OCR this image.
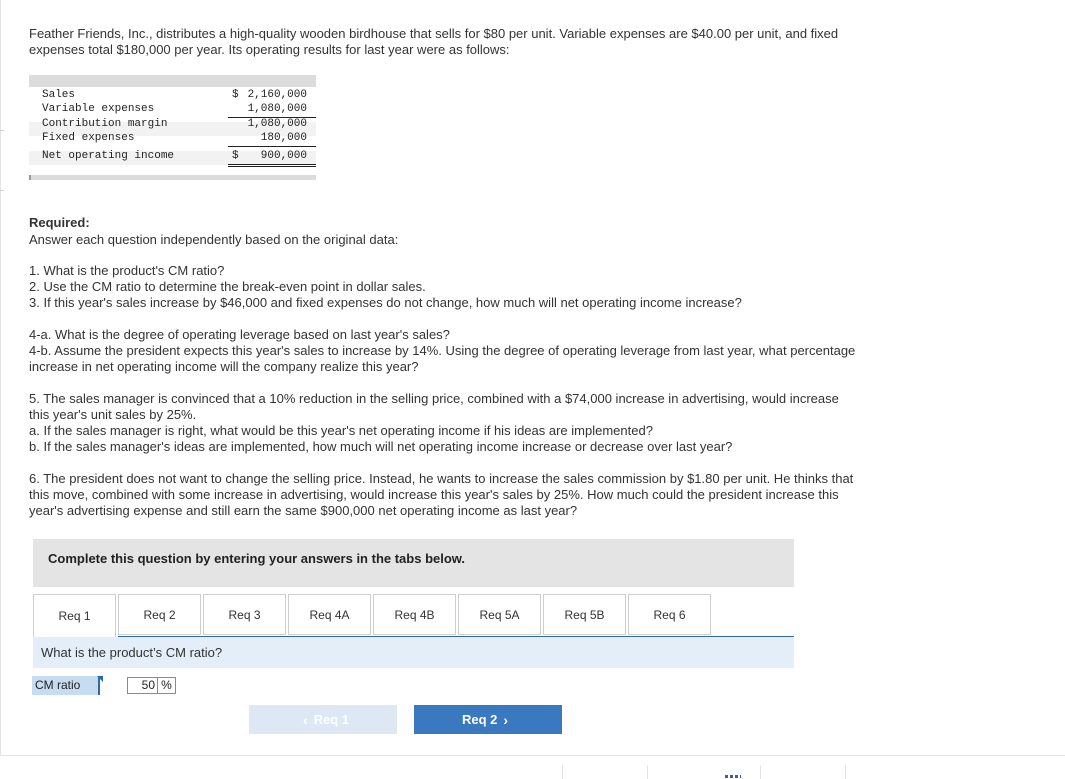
Feather Friends, Inc., distributes a high-quality wooden birdhouse that sells for $80 per unit. Variable expenses are $40.00 per unit, and fixed expenses total $180,000 per year. Its operating results for last year were as follows:

Sales	$ 2,160,000
Variable expenses	1,080,000
Contribution margin	1,080,000
Fixed expenses	180,000
Net operating income	$ 900,000

Required:

Answer each question independently based on the original data:

1. What is the product's CM ratio?

2. Use the CM ratio to determine the break-even point in dollar sales.

3. If this year's sales increase by $46,000 and fixed expenses do not change, how much will net operating income increase?

4-a. What is the degree of operating leverage based on last year's sales?

4-b. Assume the president expects this year's sales to increase by 14%. Using the degree of operating leverage from last year, what percentage increase in net operating income will the company realize this year?

5. The sales manager is convinced that a 10% reduction in the selling price, combined with a $74,000 increase in advertising, would increase this year's unit sales by 25%.

a. If the sales manager is right, what would be this year's net operating income if his ideas are implemented?

b. If the sales manager's ideas are implemented, how much will net operating income increase or decrease over last year?

6. The president does not want to change the selling price. Instead, he wants to increase the sales commission by $1.80 per unit. He thinks that this move, combined with some increase in advertising, would increase this year's sales by 25%. How much could the president increase this year's advertising expense and still earn the same $900,000 net operating income as last year?

Complete this question by entering your answers in the tabs below.
Req 1	Req 2	Req 3	Req 4A	Req 4B	Req 5A	Req 5B	Req 6
What is the product’s CM ratio?
CM ratio	50 %
‹ Req 1	Req 2 ›
